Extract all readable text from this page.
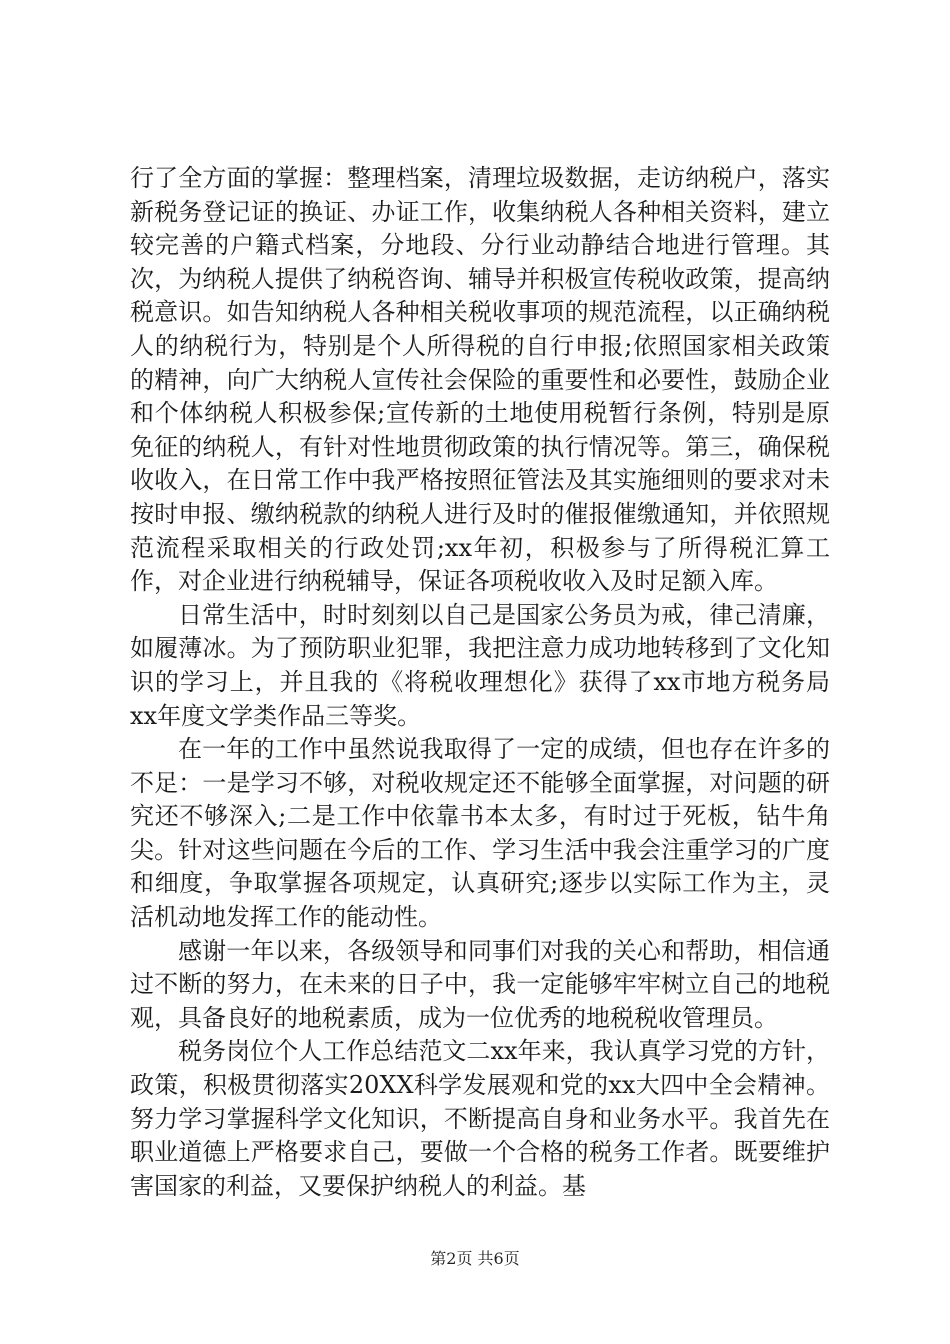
行了全方面的掌握：整理档案，清理垃圾数据，走访纳税户，落实新税务登记证的换证、办证工作，收集纳税人各种相关资料，建立较完善的户籍式档案，分地段、分行业动静结合地进行管理。其次，为纳税人提供了纳税咨询、辅导并积极宣传税收政策，提高纳税意识。如告知纳税人各种相关税收事项的规范流程，以正确纳税人的纳税行为，特别是个人所得税的自行申报;依照国家相关政策的精神，向广大纳税人宣传社会保险的重要性和必要性，鼓励企业和个体纳税人积极参保;宣传新的土地使用税暂行条例，特别是原免征的纳税人，有针对性地贯彻政策的执行情况等。第三，确保税收收入，在日常工作中我严格按照征管法及其实施细则的要求对未按时申报、缴纳税款的纳税人进行及时的催报催缴通知，并依照规范流程采取相关的行政处罚;xx年初，积极参与了所得税汇算工作，对企业进行纳税辅导，保证各项税收收入及时足额入库。

日常生活中，时时刻刻以自己是国家公务员为戒，律己清廉，如履薄冰。为了预防职业犯罪，我把注意力成功地转移到了文化知识的学习上，并且我的《将税收理想化》获得了xx市地方税务局xx年度文学类作品三等奖。

在一年的工作中虽然说我取得了一定的成绩，但也存在许多的不足：一是学习不够，对税收规定还不能够全面掌握，对问题的研究还不够深入;二是工作中依靠书本太多，有时过于死板，钻牛角尖。针对这些问题在今后的工作、学习生活中我会注重学习的广度和细度，争取掌握各项规定，认真研究;逐步以实际工作为主，灵活机动地发挥工作的能动性。

感谢一年以来，各级领导和同事们对我的关心和帮助，相信通过不断的努力，在未来的日子中，我一定能够牢牢树立自己的地税观，具备良好的地税素质，成为一位优秀的地税税收管理员。

税务岗位个人工作总结范文二xx年来，我认真学习党的方针，政策，积极贯彻落实20XX科学发展观和党的xx大四中全会精神。努力学习掌握科学文化知识，不断提高自身和业务水平。我首先在职业道德上严格要求自己，要做一个合格的税务工作者。既要维护害国家的利益，又要保护纳税人的利益。基

第2页 共6页
